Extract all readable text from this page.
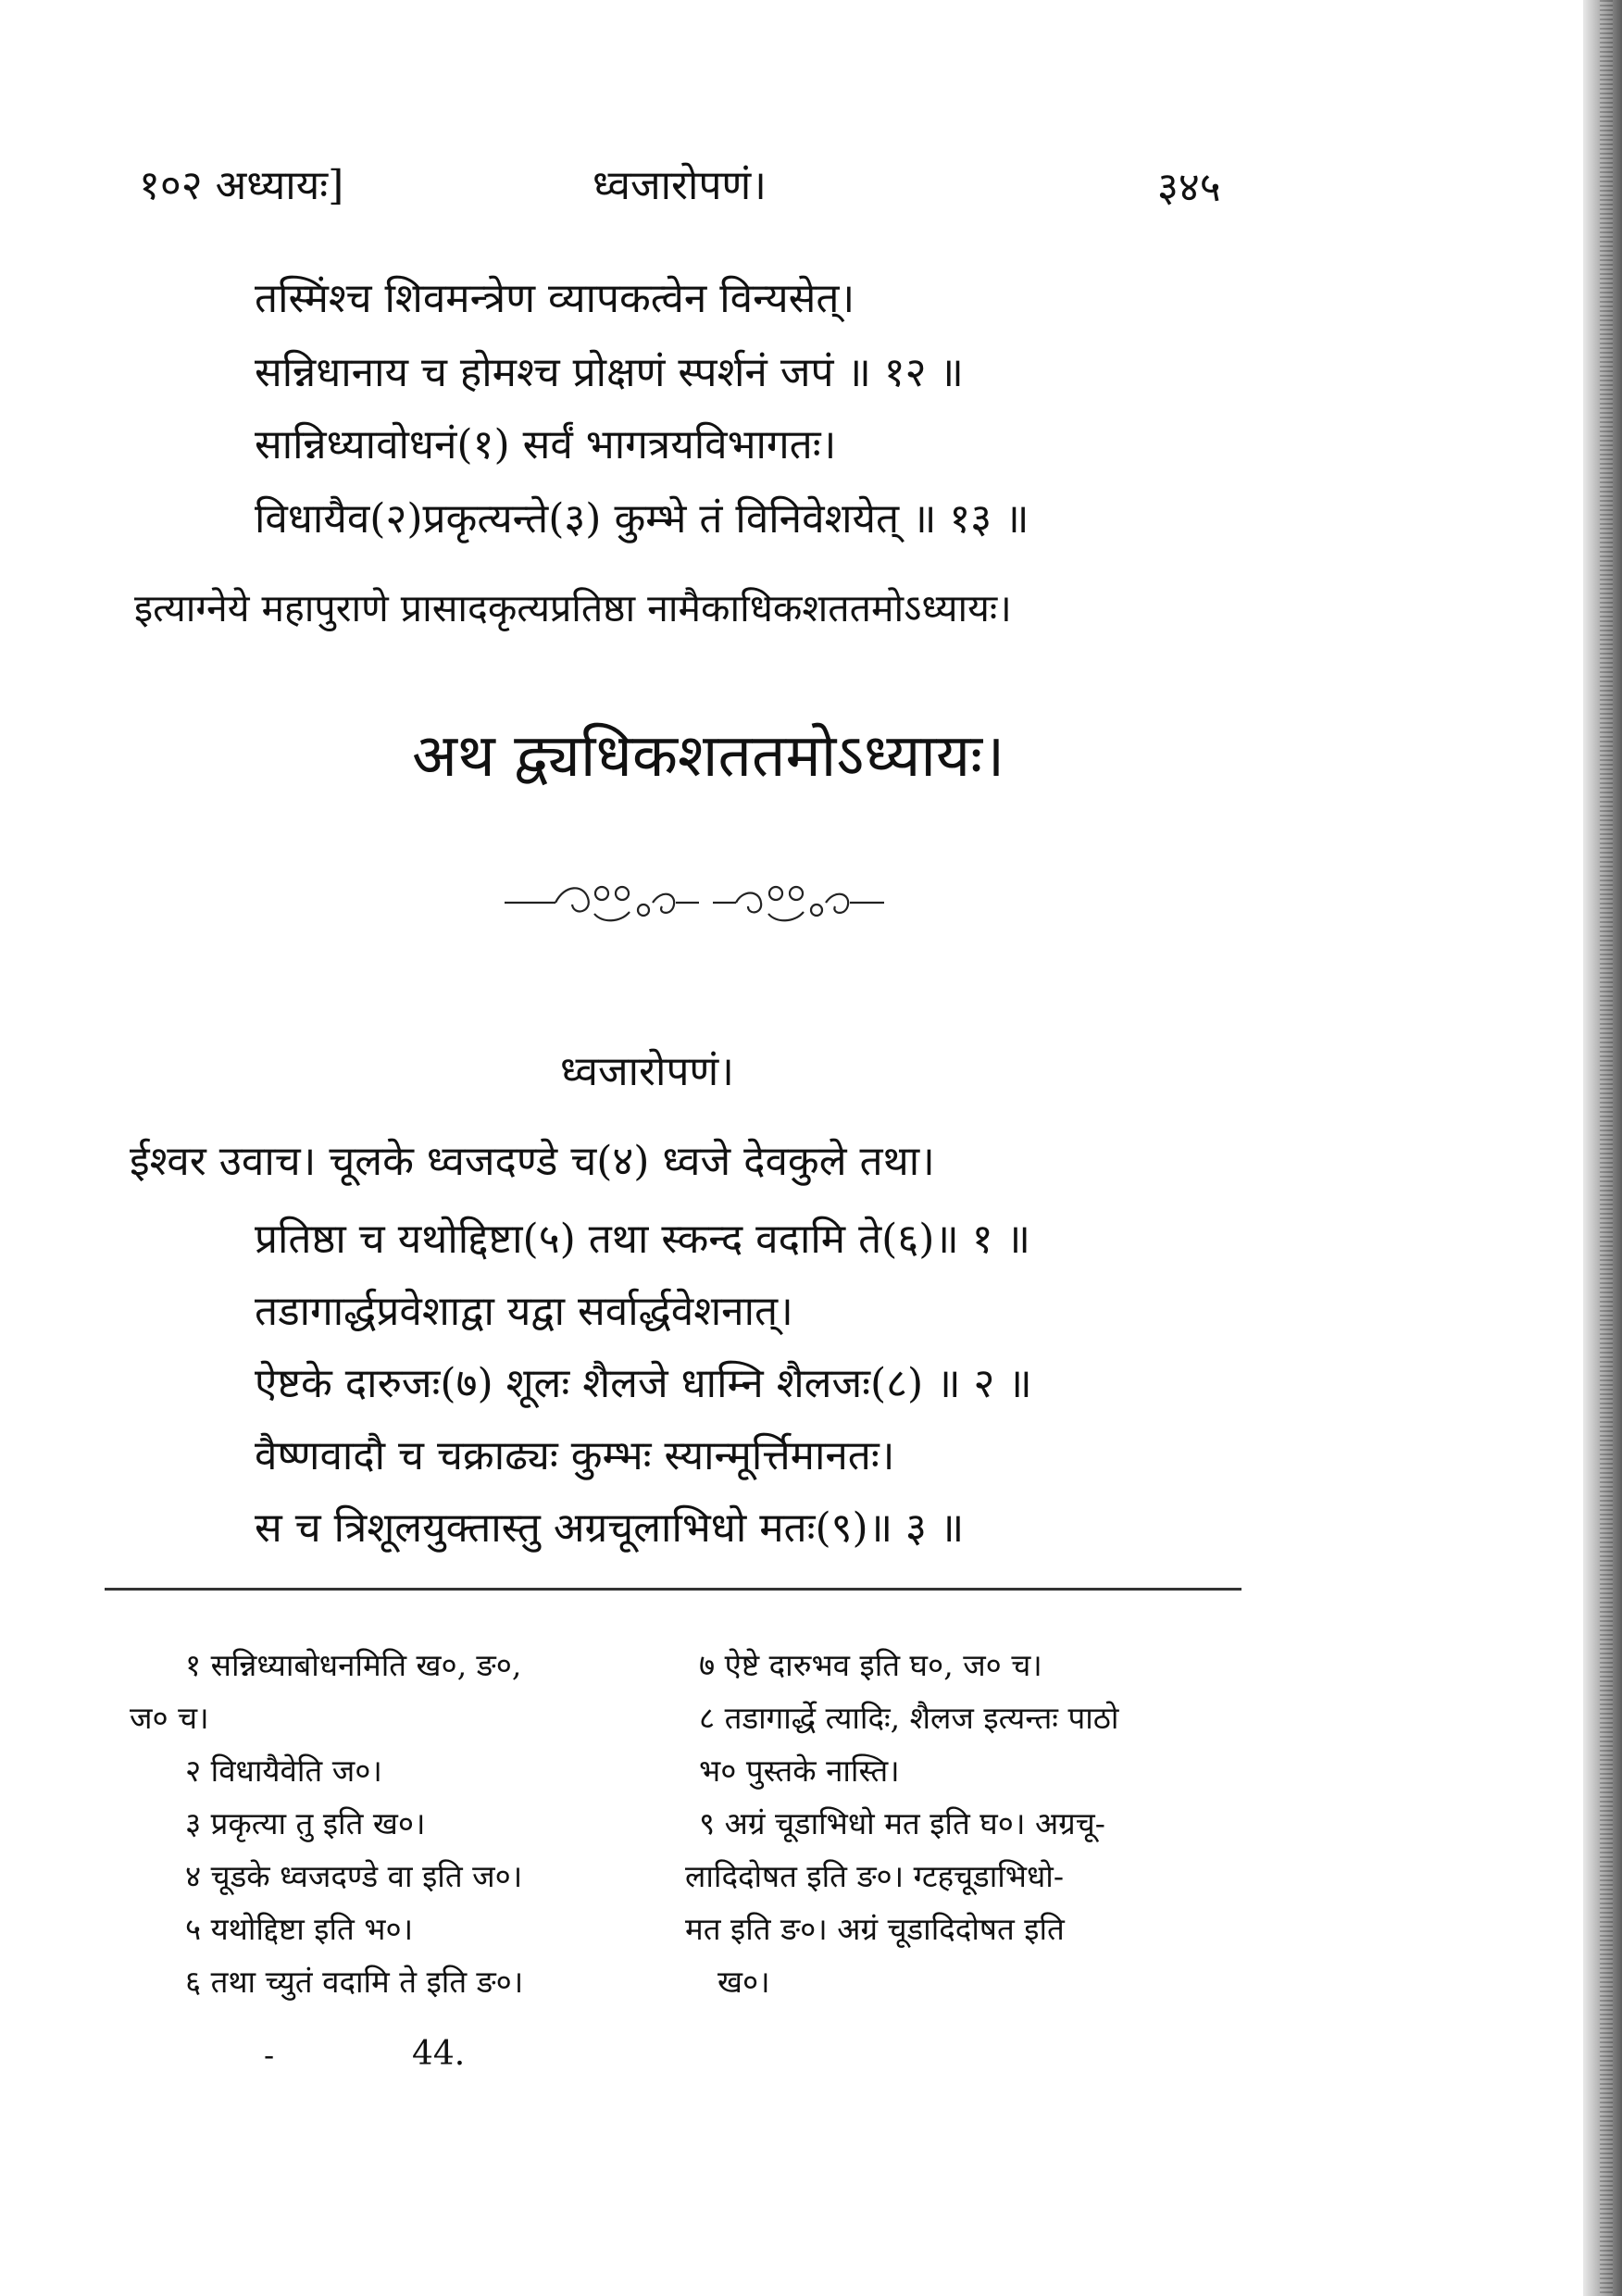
१०२ अध्यायः]	ध्वजारोपणं।	३४५
तस्मिंश्च शिवमन्त्रेण व्यापकत्वेन विन्यसेत्।
सन्निधानाय च होमश्च प्रोक्षणं स्पर्शनं जपं ॥ १२ ॥
सान्निध्यावोधनं(१) सर्वं भागत्रयविभागतः।
विधायैव(२)प्रकृत्यन्ते(३) कुम्भे तं विनिवेशयेत् ॥ १३ ॥
इत्याग्नेये महापुराणे प्रासादकृत्यप्रतिष्ठा नामैकाधिकशततमोऽध्यायः।
अथ द्व्यधिकशततमोऽध्यायः।
ध्वजारोपणं।
ईश्वर उवाच। चूलके ध्वजदण्डे च(४) ध्वजे देवकुले तथा।
प्रतिष्ठा च यथोद्दिष्टा(५) तथा स्कन्द वदामि ते(६)॥ १ ॥
तडागार्द्धप्रवेशाद्वा यद्वा सर्वार्द्धवेशनात्।
ऐष्टके दारुजः(७) शूलः शैलजे धाम्नि शैलजः(८) ॥ २ ॥
वैष्णवादौ च चक्राढ्यः कुम्भः स्यान्मूर्त्तिमानतः।
स च त्रिशूलयुक्तास्तु अग्रचूलाभिधो मतः(९)॥ ३ ॥
१ सन्निध्याबोधनमिति ख०, ङ०,
ज० च।
२ विधायैवेति ज०।
३ प्रकृत्या तु इति ख०।
४ चूडके ध्वजदण्डे वा इति ज०।
५ यथोद्दिष्टा इति भ०।
६ तथा च्युतं वदामि ते इति ङ०।
७ ऐष्टे दारुभव इति घ०, ज० च।
८ तडागार्द्धे त्यादिः, शैलज इत्यन्तः पाठो
भ० पुस्तके नास्ति।
९ अग्रं चूडाभिधो मत इति घ०। अग्रचू-
लादिदोषत इति ङ०। ग्टहचूडाभिधो-
मत इति ङ०। अग्रं चूडादिदोषत इति
ख०।
-	44.
